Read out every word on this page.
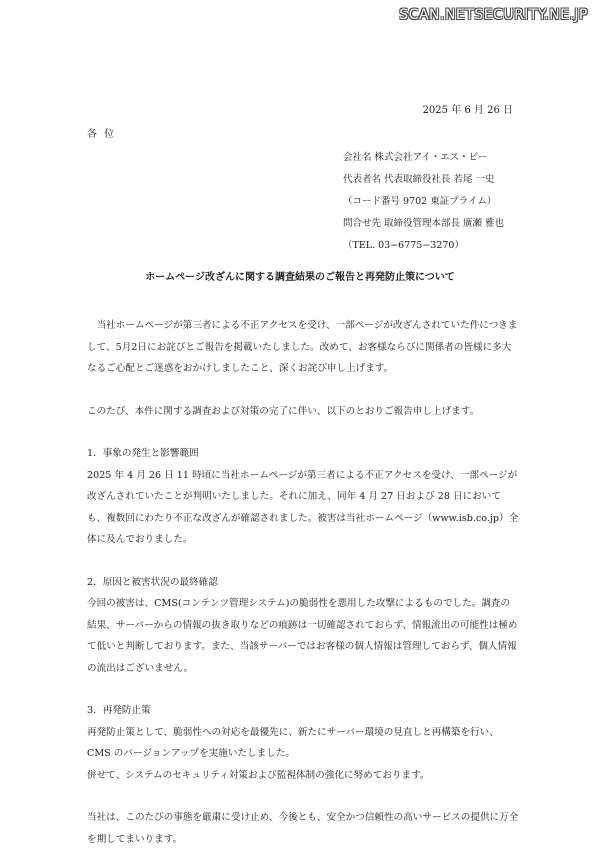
SCAN.NETSECURITY.NE.JP
2025 年 6 月 26 日
各 位
会社名 株式会社アイ・エス・ビー
代表者名 代表取締役社長 若尾 一史
（コード番号 9702 東証プライム）
問合せ先 取締役管理本部長 廣瀬 雅也
（TEL. 03−6775−3270）
ホームページ改ざんに関する調査結果のご報告と再発防止策について

当社ホームページが第三者による不正アクセスを受け、一部ページが改ざんされていた件につきまして、5月2日にお詫びとご報告を掲載いたしました。改めて、お客様ならびに関係者の皆様に多大なるご心配とご迷惑をおかけしましたこと、深くお詫び申し上げます。

このたび、本件に関する調査および対策の完了に伴い、以下のとおりご報告申し上げます。

1．事象の発生と影響範囲

2025 年 4 月 26 日 11 時頃に当社ホームページが第三者による不正アクセスを受け、一部ページが改ざんされていたことが判明いたしました。それに加え、同年 4 月 27 日および 28 日においても、複数回にわたり不正な改ざんが確認されました。被害は当社ホームページ（www.isb.co.jp）全体に及んでおりました。

2．原因と被害状況の最終確認

今回の被害は、CMS(コンテンツ管理システム)の脆弱性を悪用した攻撃によるものでした。調査の結果、サーバーからの情報の抜き取りなどの痕跡は一切確認されておらず、情報流出の可能性は極めて低いと判断しております。また、当該サーバーではお客様の個人情報は管理しておらず、個人情報の流出はございません。

3．再発防止策

再発防止策として、脆弱性への対応を最優先に、新たにサーバー環境の見直しと再構築を行い、CMS のバージョンアップを実施いたしました。

併せて、システムのセキュリティ対策および監視体制の強化に努めております。

当社は、このたびの事態を厳粛に受け止め、今後とも、安全かつ信頼性の高いサービスの提供に万全を期してまいります。
